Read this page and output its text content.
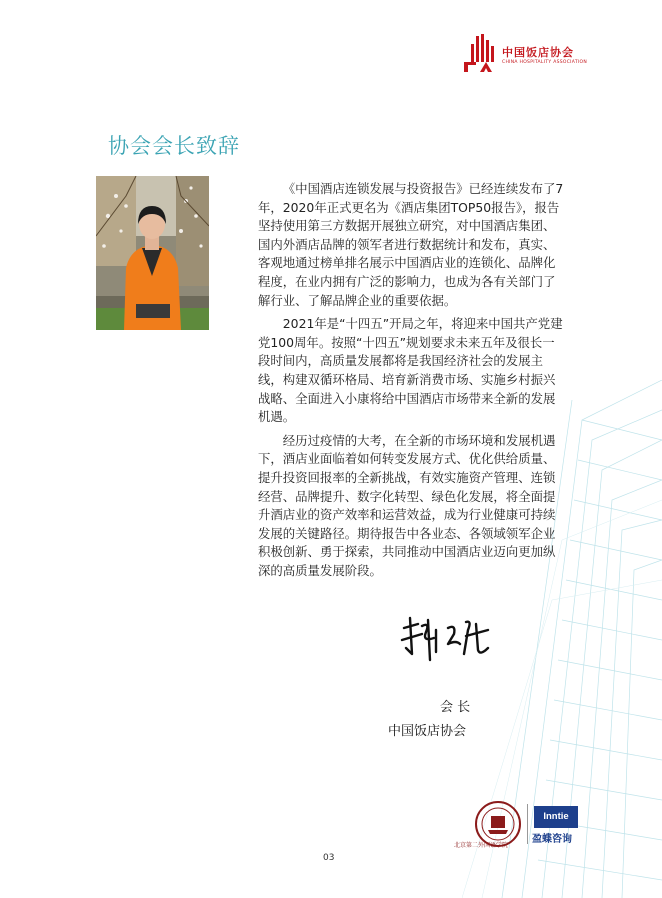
中国饭店协会
CHINA HOSPITALITY ASSOCIATION
协会会长致辞

《中国酒店连锁发展与投资报告》已经连续发布了7年，2020年正式更名为《酒店集团TOP50报告》，报告坚持使用第三方数据开展独立研究，对中国酒店集团、国内外酒店品牌的领军者进行数据统计和发布，真实、客观地通过榜单排名展示中国酒店业的连锁化、品牌化程度，在业内拥有广泛的影响力，也成为各有关部门了解行业、了解品牌企业的重要依据。

2021年是“十四五”开局之年，将迎来中国共产党建党100周年。按照“十四五”规划要求未来五年及很长一段时间内，高质量发展都将是我国经济社会的发展主线，构建双循环格局、培育新消费市场、实施乡村振兴战略、全面进入小康将给中国酒店市场带来全新的发展机遇。

经历过疫情的大考，在全新的市场环境和发展机遇下，酒店业面临着如何转变发展方式、优化供给质量、提升投资回报率的全新挑战，有效实施资产管理、连锁经营、品牌提升、数字化转型、绿色化发展，将全面提升酒店业的资产效率和运营效益，成为行业健康可持续发展的关键路径。期待报告中各业态、各领域领军企业积极创新、勇于探索，共同推动中国酒店业迈向更加纵深的高质量发展阶段。

会 长
中国饭店协会
北京第二外国语学院
Inntie
盈蝶咨询
03
